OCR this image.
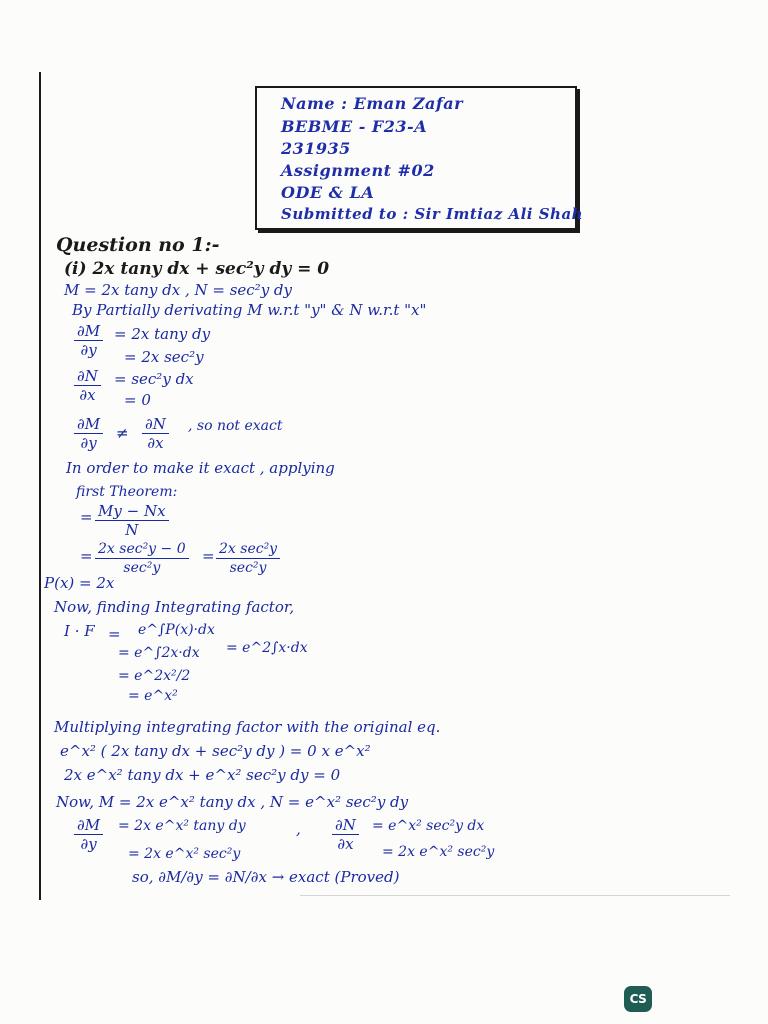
Name : Eman Zafar
BEBME - F23-A
231935
Assignment #02
ODE & LA
Submitted to : Sir Imtiaz Ali Shah
Question no 1:-
(i) 2x tany dx + sec²y dy = 0
M = 2x tany dx , N = sec²y dy
By Partially derivating M w.r.t "y" & N w.r.t "x"
$\frac{\partial M}{\partial y} = 2x$ tany dy
= 2x sec²y
$\frac{\partial N}{\partial x} = \sec^2y$ dx
= 0
$\frac{\partial M}{\partial y} \ne \frac{\partial N}{\partial x}$ , so not exact
In order to make it exact , applying
first Theorem:
= $\frac{My - Nx}{N}$
= 2x sec²y − 0
sec²y
= 2x sec²y
sec²y
P(x) = 2x
Now, finding Integrating factor,
I · F = e^∫P(x)·dx
= e^∫2x·dx = e^2∫x·dx
= e^2x²/2
= e^x²
Multiplying integrating factor with the original eq.
e^x² ( 2x tany dx + sec²y dy ) = 0 x e^x²
2x e^x² tany dx + e^x² sec²y dy = 0
Now, M = 2x e^x² tany dx , N = e^x² sec²y dy
$\frac{\partial M}{\partial y} = 2x$ e^x² tany dy
= 2x e^x² sec²y
, $\frac{\partial N}{\partial x}$ = e^x² sec²y dx
= 2x e^x² sec²y
so, ∂M/∂y = ∂N/∂x → exact (Proved)
CS
